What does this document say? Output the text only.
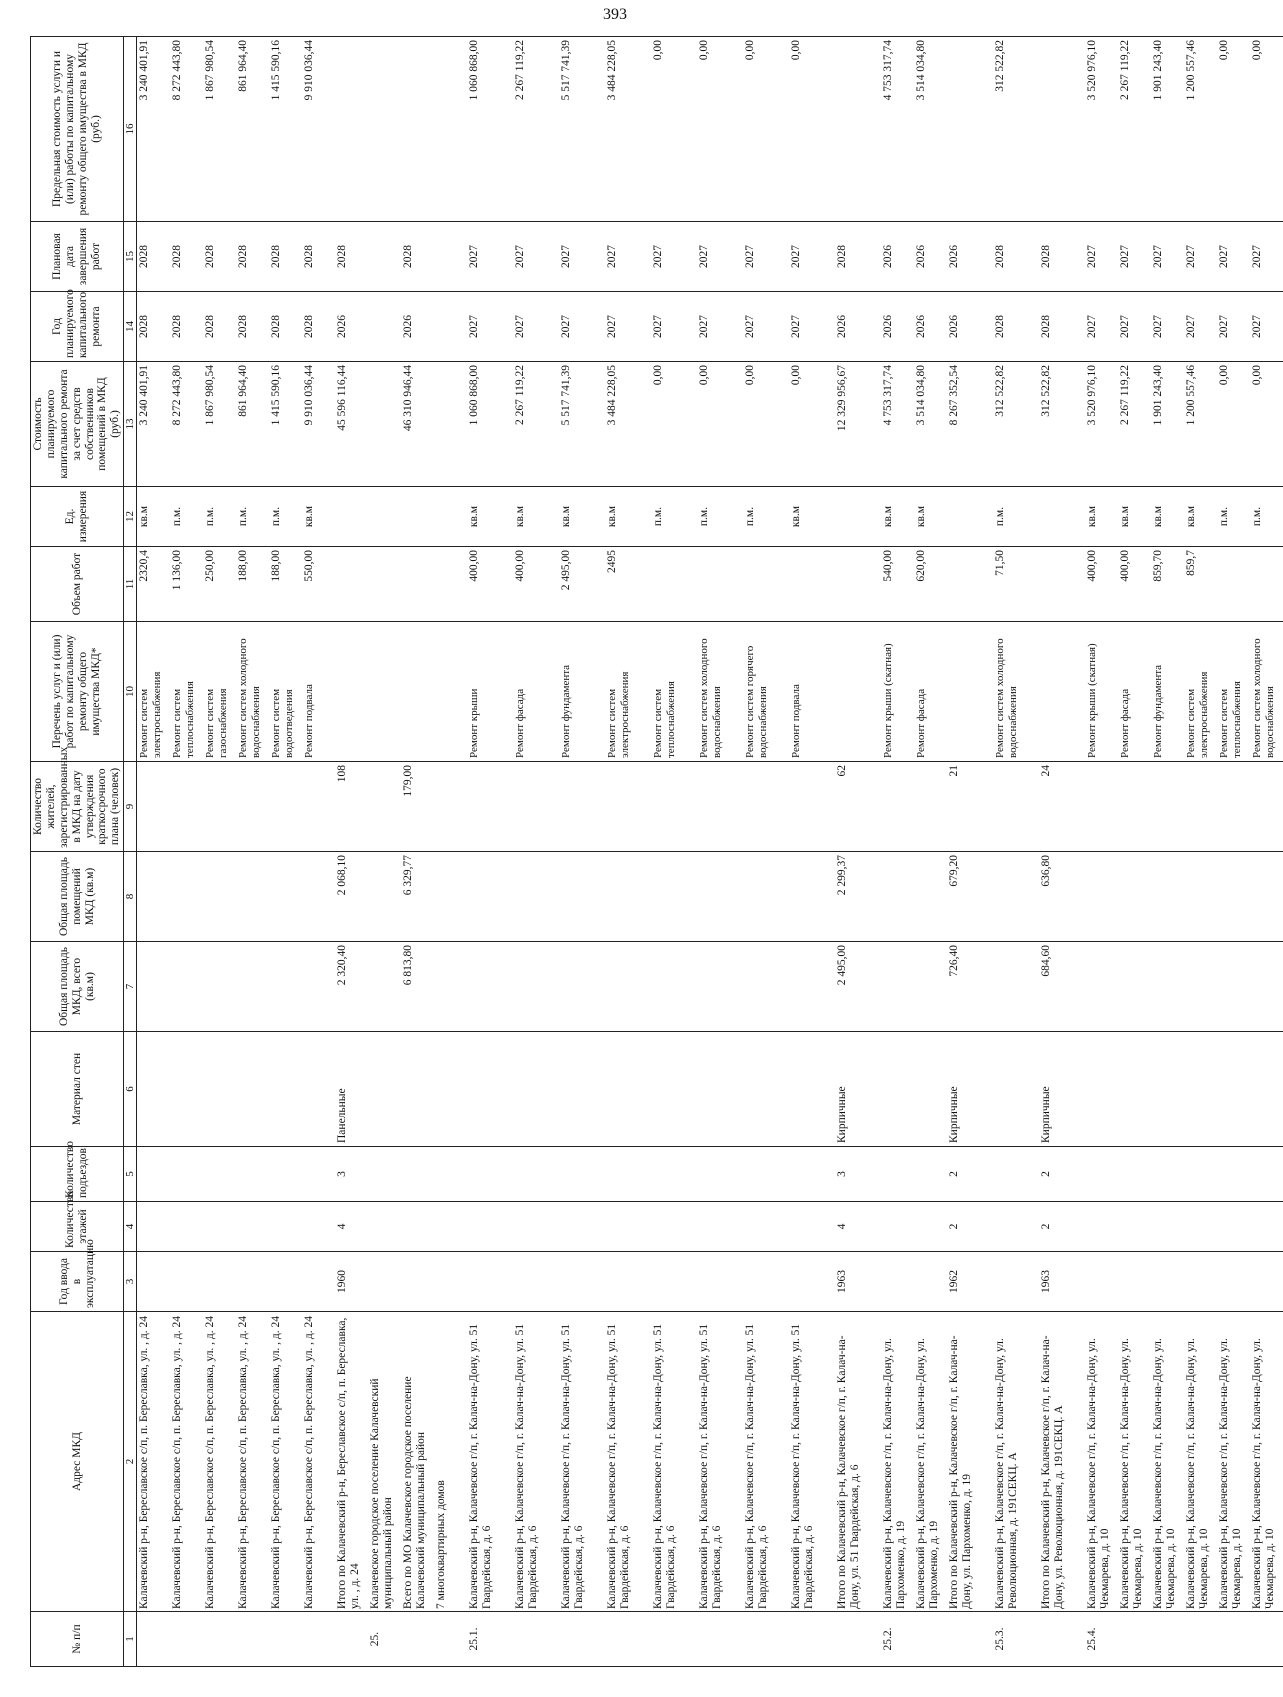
393
№ п/п	Адрес МКД	Год ввода в эксплуатацию	Количество этажей	Количество подъездов	Материал стен	Общая площадь МКД, всего (кв.м)	Общая площадь помещений МКД (кв.м)	Количество жителей, зарегистрированных в МКД на дату утверждения краткосрочного плана (человек)	Перечень услуг и (или) работ по капитальному ремонту общего имущества МКД*	Объем работ	Ед. измерения	Стоимость планируемого капитального ремонта за счет средств собственников помещений в МКД (руб.)	Год планируемого капитального ремонта	Плановая дата завершения работ	Предельная стоимость услуги и (или) работы по капитальному ремонту общего имущества в МКД (руб.)
1	2	3	4	5	6	7	8	9	10	11	12	13	14	15	16
	Калачевский р-н, Береславское с/п, п. Береславка, ул. , д. 24								Ремонт систем электроснабжения	2320,4	кв.м	3 240 401,91	2028	2028	3 240 401,91
	Калачевский р-н, Береславское с/п, п. Береславка, ул. , д. 24								Ремонт систем теплоснабжения	1 136,00	п.м.	8 272 443,80	2028	2028	8 272 443,80
	Калачевский р-н, Береславское с/п, п. Береславка, ул. , д. 24								Ремонт систем газоснабжения	250,00	п.м.	1 867 980,54	2028	2028	1 867 980,54
	Калачевский р-н, Береславское с/п, п. Береславка, ул. , д. 24								Ремонт систем холодного водоснабжения	188,00	п.м.	861 964,40	2028	2028	861 964,40
	Калачевский р-н, Береславское с/п, п. Береславка, ул. , д. 24								Ремонт систем водоотведения	188,00	п.м.	1 415 590,16	2028	2028	1 415 590,16
	Калачевский р-н, Береславское с/п, п. Береславка, ул. , д. 24								Ремонт подвала	550,00	кв.м	9 910 036,44	2028	2028	9 910 036,44
	Итого по Калачевский р-н, Береславское с/п, п. Береславка, ул. , д. 24	1960	4	3	Панельные	2 320,40	2 068,10	108				45 596 116,44	2026	2028	
25.	Калачевское городское поселение Калачевский муниципальный район														
	Всего по МО Калачевское городское поселение Калачевский муниципальный район					6 813,80	6 329,77	179,00				46 310 946,44	2026	2028	
	7 многоквартирных домов														
25.1.	Калачевский р-н, Калачевское г/п, г. Калач-на-Дону, ул. 51 Гвардейская, д. 6								Ремонт крыши	400,00	кв.м	1 060 868,00	2027	2027	1 060 868,00
	Калачевский р-н, Калачевское г/п, г. Калач-на-Дону, ул. 51 Гвардейская, д. 6								Ремонт фасада	400,00	кв.м	2 267 119,22	2027	2027	2 267 119,22
	Калачевский р-н, Калачевское г/п, г. Калач-на-Дону, ул. 51 Гвардейская, д. 6								Ремонт фундамента	2 495,00	кв.м	5 517 741,39	2027	2027	5 517 741,39
	Калачевский р-н, Калачевское г/п, г. Калач-на-Дону, ул. 51 Гвардейская, д. 6								Ремонт систем электроснабжения	2495	кв.м	3 484 228,05	2027	2027	3 484 228,05
	Калачевский р-н, Калачевское г/п, г. Калач-на-Дону, ул. 51 Гвардейская, д. 6								Ремонт систем теплоснабжения		п.м.	0,00	2027	2027	0,00
	Калачевский р-н, Калачевское г/п, г. Калач-на-Дону, ул. 51 Гвардейская, д. 6								Ремонт систем холодного водоснабжения		п.м.	0,00	2027	2027	0,00
	Калачевский р-н, Калачевское г/п, г. Калач-на-Дону, ул. 51 Гвардейская, д. 6								Ремонт систем горячего водоснабжения		п.м.	0,00	2027	2027	0,00
	Калачевский р-н, Калачевское г/п, г. Калач-на-Дону, ул. 51 Гвардейская, д. 6								Ремонт подвала		кв.м	0,00	2027	2027	0,00
	Итого по Калачевский р-н, Калачевское г/п, г. Калач-на-Дону, ул. 51 Гвардейская, д. 6	1963	4	3	Кирпичные	2 495,00	2 299,37	62				12 329 956,67	2026	2028	
25.2.	Калачевский р-н, Калачевское г/п, г. Калач-на-Дону, ул. Пархоменко, д. 19								Ремонт крыши (скатная)	540,00	кв.м	4 753 317,74	2026	2026	4 753 317,74
	Калачевский р-н, Калачевское г/п, г. Калач-на-Дону, ул. Пархоменко, д. 19								Ремонт фасада	620,00	кв.м	3 514 034,80	2026	2026	3 514 034,80
	Итого по Калачевский р-н, Калачевское г/п, г. Калач-на-Дону, ул. Пархоменко, д. 19	1962	2	2	Кирпичные	726,40	679,20	21				8 267 352,54	2026	2026	
25.3.	Калачевский р-н, Калачевское г/п, г. Калач-на-Дону, ул. Революционная, д. 191СЕКЦ. А								Ремонт систем холодного водоснабжения	71,50	п.м.	312 522,82	2028	2028	312 522,82
	Итого по Калачевский р-н, Калачевское г/п, г. Калач-на-Дону, ул. Революционная, д. 191СЕКЦ. А	1963	2	2	Кирпичные	684,60	636,80	24				312 522,82	2028	2028	
25.4.	Калачевский р-н, Калачевское г/п, г. Калач-на-Дону, ул. Чекмарева, д. 10								Ремонт крыши (скатная)	400,00	кв.м	3 520 976,10	2027	2027	3 520 976,10
	Калачевский р-н, Калачевское г/п, г. Калач-на-Дону, ул. Чекмарева, д. 10								Ремонт фасада	400,00	кв.м	2 267 119,22	2027	2027	2 267 119,22
	Калачевский р-н, Калачевское г/п, г. Калач-на-Дону, ул. Чекмарева, д. 10								Ремонт фундамента	859,70	кв.м	1 901 243,40	2027	2027	1 901 243,40
	Калачевский р-н, Калачевское г/п, г. Калач-на-Дону, ул. Чекмарева, д. 10								Ремонт систем электроснабжения	859,7	кв.м	1 200 557,46	2027	2027	1 200 557,46
	Калачевский р-н, Калачевское г/п, г. Калач-на-Дону, ул. Чекмарева, д. 10								Ремонт систем теплоснабжения		п.м.	0,00	2027	2027	0,00
	Калачевский р-н, Калачевское г/п, г. Калач-на-Дону, ул. Чекмарева, д. 10								Ремонт систем холодного водоснабжения		п.м.	0,00	2027	2027	0,00
